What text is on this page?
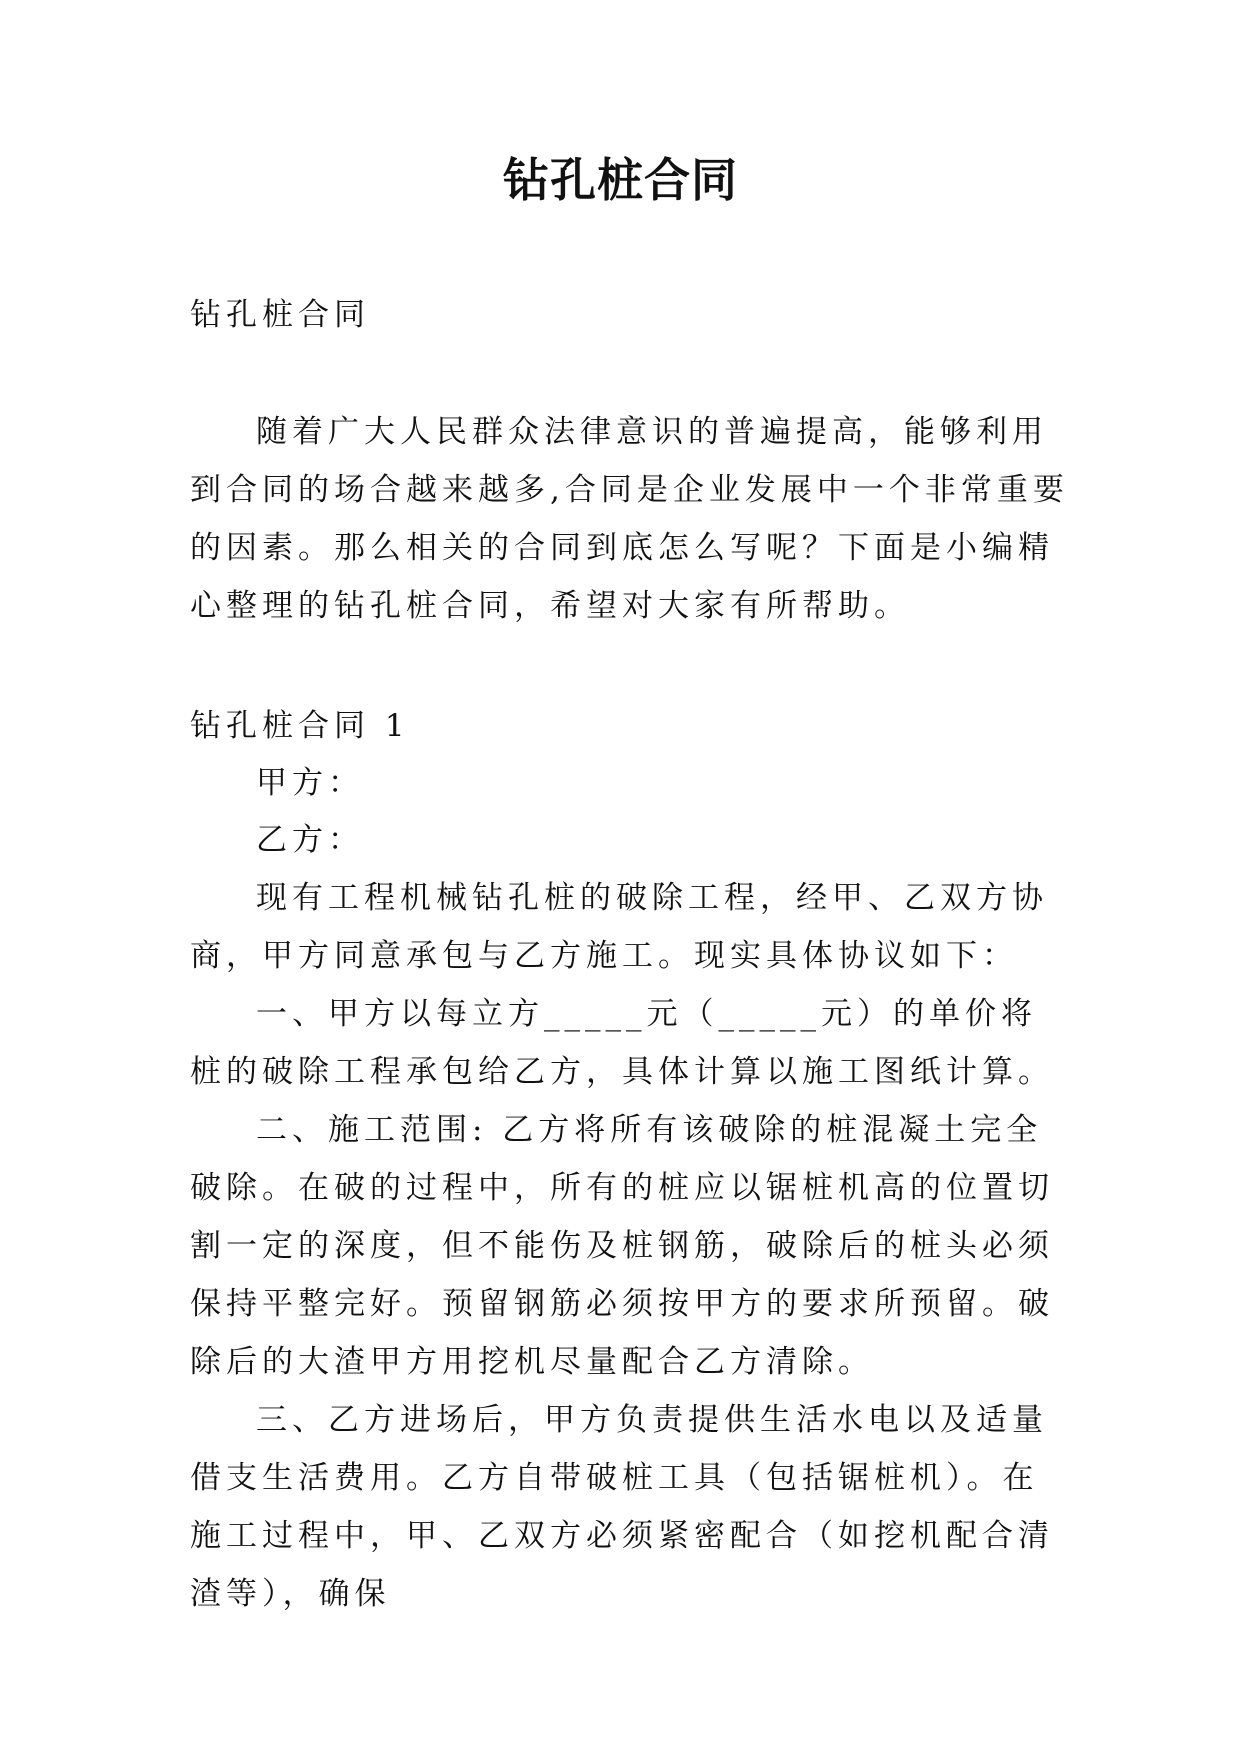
钻孔桩合同

钻孔桩合同

随着广大人民群众法律意识的普遍提高，能够利用到合同的场合越来越多,合同是企业发展中一个非常重要的因素。那么相关的合同到底怎么写呢？下面是小编精心整理的钻孔桩合同，希望对大家有所帮助。

钻孔桩合同 1

甲方：

乙方：

现有工程机械钻孔桩的破除工程，经甲、乙双方协商，甲方同意承包与乙方施工。现实具体协议如下：

一、甲方以每立方_____元（_____元）的单价将桩的破除工程承包给乙方，具体计算以施工图纸计算。

二、施工范围: 乙方将所有该破除的桩混凝土完全破除。在破的过程中，所有的桩应以锯桩机高的位置切割一定的深度，但不能伤及桩钢筋，破除后的桩头必须保持平整完好。预留钢筋必须按甲方的要求所预留。破除后的大渣甲方用挖机尽量配合乙方清除。

三、乙方进场后，甲方负责提供生活水电以及适量借支生活费用。乙方自带破桩工具（包括锯桩机）。在施工过程中，甲、乙双方必须紧密配合（如挖机配合清渣等），确保
